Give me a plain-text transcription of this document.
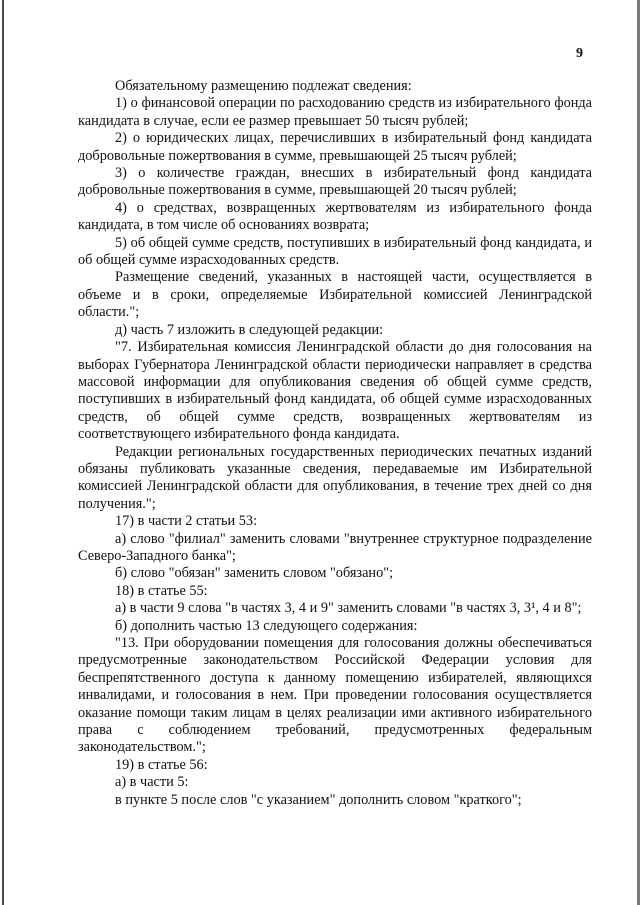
9

Обязательному размещению подлежат сведения:

1) о финансовой операции по расходованию средств из избирательного фонда кандидата в случае, если ее размер превышает 50 тысяч рублей;

2) о юридических лицах, перечисливших в избирательный фонд кандидата добровольные пожертвования в сумме, превышающей 25 тысяч рублей;

3) о количестве граждан, внесших в избирательный фонд кандидата добровольные пожертвования в сумме, превышающей 20 тысяч рублей;

4) о средствах, возвращенных жертвователям из избирательного фонда кандидата, в том числе об основаниях возврата;

5) об общей сумме средств, поступивших в избирательный фонд кандидата, и об общей сумме израсходованных средств.

Размещение сведений, указанных в настоящей части, осуществляется в объеме и в сроки, определяемые Избирательной комиссией Ленинградской области.";

д) часть 7 изложить в следующей редакции:

"7. Избирательная комиссия Ленинградской области до дня голосования на выборах Губернатора Ленинградской области периодически направляет в средства массовой информации для опубликования сведения об общей сумме средств, поступивших в избирательный фонд кандидата, об общей сумме израсходованных средств, об общей сумме средств, возвращенных жертвователям из соответствующего избирательного фонда кандидата.

Редакции региональных государственных периодических печатных изданий обязаны публиковать указанные сведения, передаваемые им Избирательной комиссией Ленинградской области для опубликования, в течение трех дней со дня получения.";

17) в части 2 статьи 53:

а) слово "филиал" заменить словами "внутреннее структурное подразделение Северо-Западного банка";

б) слово "обязан" заменить словом "обязано";

18) в статье 55:

а) в части 9 слова "в частях 3, 4 и 9" заменить словами "в частях 3, 3¹, 4 и 8";

б) дополнить частью 13 следующего содержания:

"13. При оборудовании помещения для голосования должны обеспечиваться предусмотренные законодательством Российской Федерации условия для беспрепятственного доступа к данному помещению избирателей, являющихся инвалидами, и голосования в нем. При проведении голосования осуществляется оказание помощи таким лицам в целях реализации ими активного избирательного права с соблюдением требований, предусмотренных федеральным законодательством.";

19) в статье 56:

а) в части 5:

в пункте 5 после слов "с указанием" дополнить словом "краткого";
